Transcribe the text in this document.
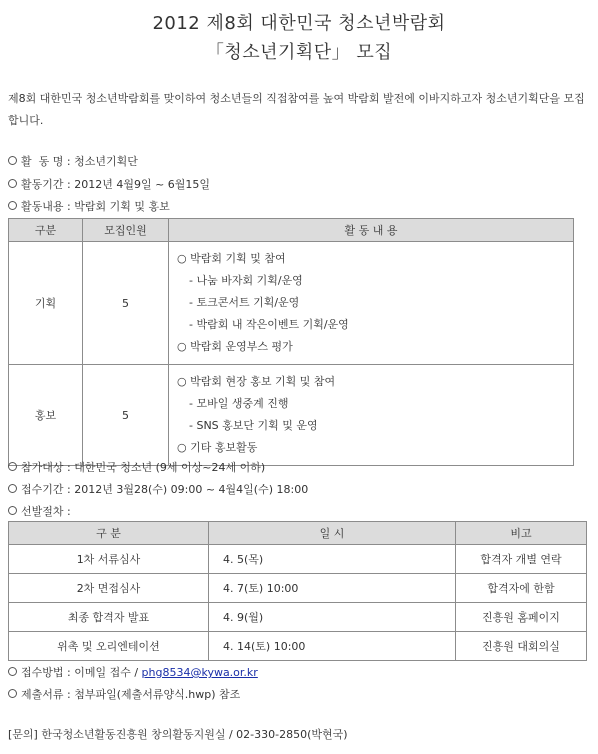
2012 제8회 대한민국 청소년박람회
「청소년기획단」 모집
제8회 대한민국 청소년박람회를 맞이하여 청소년들의 직접참여를 높여 박람회 발전에 이바지하고자 청소년기획단을 모집합니다.
활  동 명 : 청소년기획단
활동기간 : 2012년 4월9일 ~ 6월15일
활동내용 : 박람회 기획 및 홍보
구분	모집인원	활 동 내 용
기획	5	○ 박람회 기획 및 참여
- 나눔 바자회 기획/운영
- 토크콘서트 기획/운영
- 박람회 내 작은이벤트 기획/운영
○ 박람회 운영부스 평가

홍보	5	○ 박람회 현장 홍보 기획 및 참여
- 모바일 생중계 진행
- SNS 홍보단 기획 및 운영
○ 기타 홍보활동
참가대상 : 대한민국 청소년 (9세 이상~24세 이하)
접수기간 : 2012년 3월28(수) 09:00 ~ 4월4일(수) 18:00
선발절차 :
구 분	일 시	비고
1차 서류심사	4. 5(목)	합격자 개별 연락
2차 면접심사	4. 7(토) 10:00	합격자에 한함
최종 합격자 발표	4. 9(월)	진흥원 홈페이지
위촉 및 오리엔테이션	4. 14(토) 10:00	진흥원 대회의실
접수방법 : 이메일 접수 / phg8534@kywa.or.kr
제출서류 : 첨부파일(제출서류양식.hwp) 참조
[문의] 한국청소년활동진흥원 창의활동지원실 / 02-330-2850(박현국)
